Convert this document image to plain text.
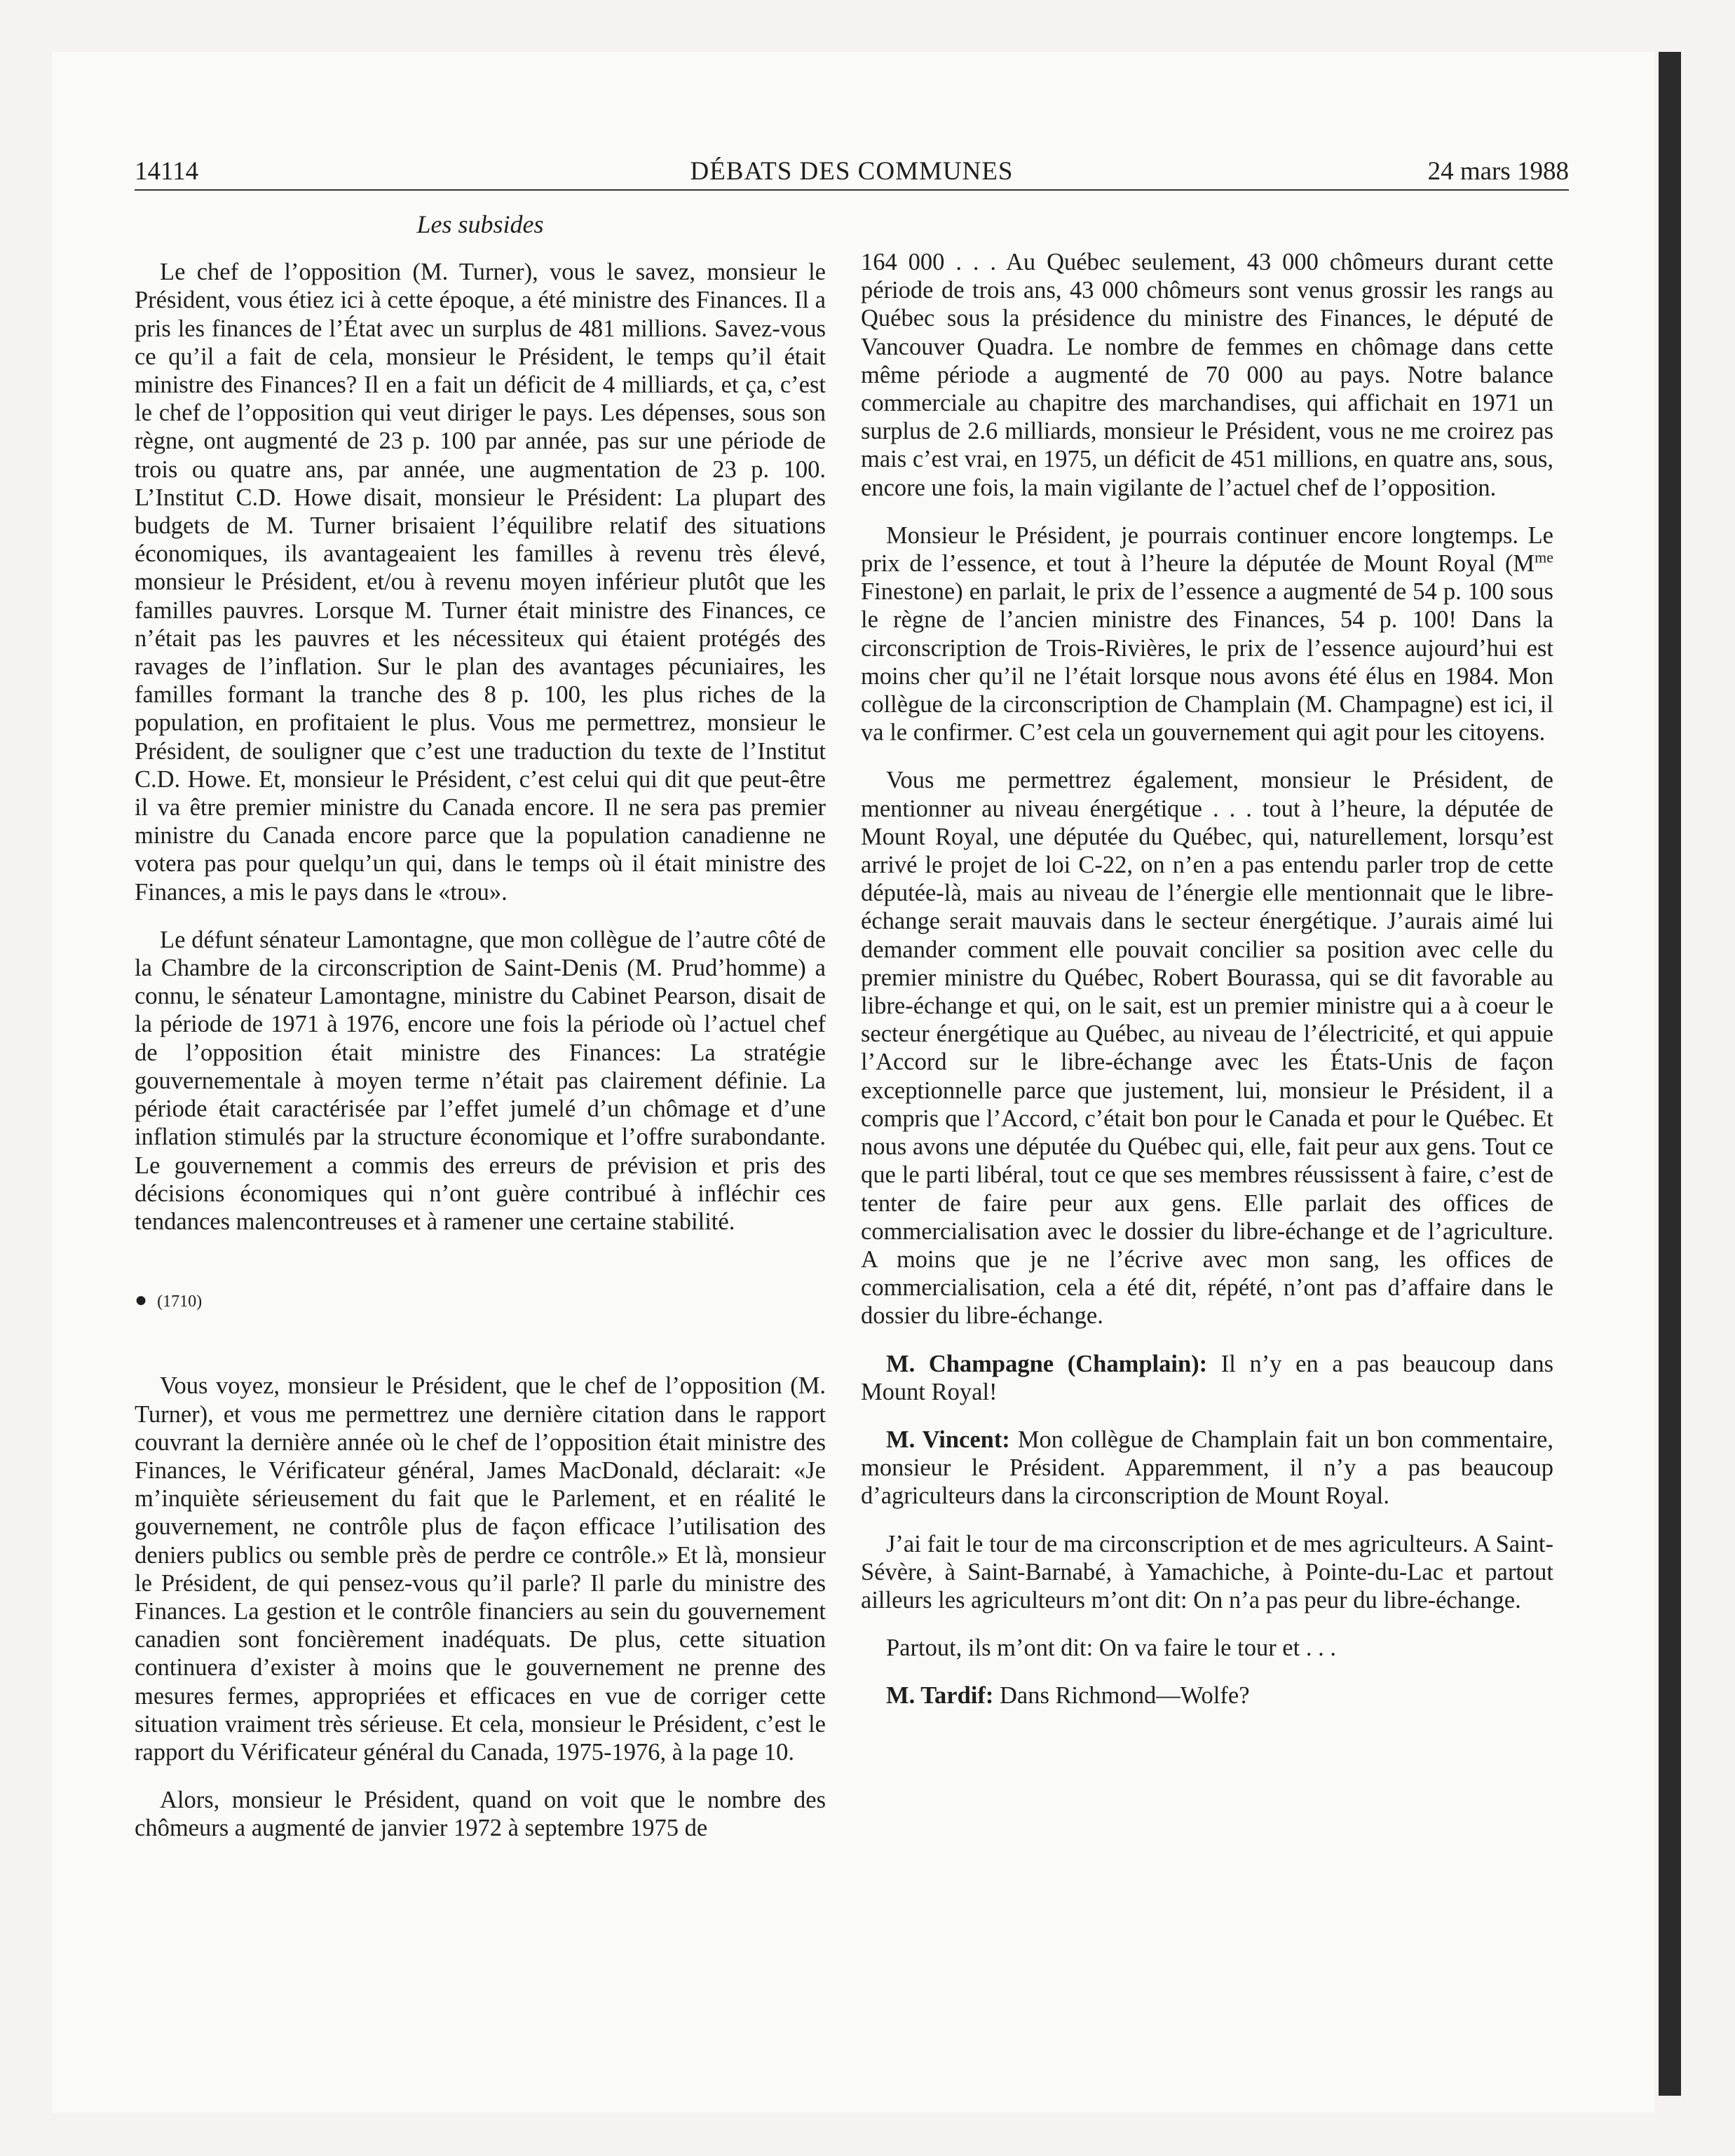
14114	DÉBATS DES COMMUNES	24 mars 1988

Les subsides

Le chef de l’opposition (M. Turner), vous le savez, monsieur le Président, vous étiez ici à cette époque, a été ministre des Finances. Il a pris les finances de l’État avec un surplus de 481 millions. Savez-vous ce qu’il a fait de cela, monsieur le Président, le temps qu’il était ministre des Finances? Il en a fait un déficit de 4 milliards, et ça, c’est le chef de l’opposition qui veut diriger le pays. Les dépenses, sous son règne, ont augmenté de 23 p. 100 par année, pas sur une période de trois ou quatre ans, par année, une augmentation de 23 p. 100. L’Institut C.D. Howe disait, monsieur le Président: La plupart des budgets de M. Turner brisaient l’équilibre relatif des situations économiques, ils avantageaient les familles à revenu très élevé, monsieur le Président, et/ou à revenu moyen inférieur plutôt que les familles pauvres. Lorsque M. Turner était ministre des Finances, ce n’était pas les pauvres et les nécessiteux qui étaient protégés des ravages de l’inflation. Sur le plan des avantages pécuniaires, les familles formant la tranche des 8 p. 100, les plus riches de la population, en profitaient le plus. Vous me permettrez, monsieur le Président, de souligner que c’est une traduction du texte de l’Institut C.D. Howe. Et, monsieur le Président, c’est celui qui dit que peut-être il va être premier ministre du Canada encore. Il ne sera pas premier ministre du Canada encore parce que la population canadienne ne votera pas pour quelqu’un qui, dans le temps où il était ministre des Finances, a mis le pays dans le «trou».

Le défunt sénateur Lamontagne, que mon collègue de l’autre côté de la Chambre de la circonscription de Saint-Denis (M. Prud’homme) a connu, le sénateur Lamontagne, ministre du Cabinet Pearson, disait de la période de 1971 à 1976, encore une fois la période où l’actuel chef de l’opposition était ministre des Finances: La stratégie gouvernementale à moyen terme n’était pas clairement définie. La période était caractérisée par l’effet jumelé d’un chômage et d’une inflation stimulés par la structure économique et l’offre surabondante. Le gouvernement a commis des erreurs de prévision et pris des décisions économiques qui n’ont guère contribué à infléchir ces tendances malencontreuses et à ramener une certaine stabilité.

● (1710)

Vous voyez, monsieur le Président, que le chef de l’opposition (M. Turner), et vous me permettrez une dernière citation dans le rapport couvrant la dernière année où le chef de l’opposition était ministre des Finances, le Vérificateur général, James MacDonald, déclarait: «Je m’inquiète sérieusement du fait que le Parlement, et en réalité le gouvernement, ne contrôle plus de façon efficace l’utilisation des deniers publics ou semble près de perdre ce contrôle.» Et là, monsieur le Président, de qui pensez-vous qu’il parle? Il parle du ministre des Finances. La gestion et le contrôle financiers au sein du gouvernement canadien sont foncièrement inadéquats. De plus, cette situation continuera d’exister à moins que le gouvernement ne prenne des mesures fermes, appropriées et efficaces en vue de corriger cette situation vraiment très sérieuse. Et cela, monsieur le Président, c’est le rapport du Vérificateur général du Canada, 1975-1976, à la page 10.

Alors, monsieur le Président, quand on voit que le nombre des chômeurs a augmenté de janvier 1972 à septembre 1975 de

164 000 . . . Au Québec seulement, 43 000 chômeurs durant cette période de trois ans, 43 000 chômeurs sont venus grossir les rangs au Québec sous la présidence du ministre des Finances, le député de Vancouver Quadra. Le nombre de femmes en chômage dans cette même période a augmenté de 70 000 au pays. Notre balance commerciale au chapitre des marchandises, qui affichait en 1971 un surplus de 2.6 milliards, monsieur le Président, vous ne me croirez pas mais c’est vrai, en 1975, un déficit de 451 millions, en quatre ans, sous, encore une fois, la main vigilante de l’actuel chef de l’opposition.

Monsieur le Président, je pourrais continuer encore longtemps. Le prix de l’essence, et tout à l’heure la députée de Mount Royal ($M^{me}$ Finestone) en parlait, le prix de l’essence a augmenté de 54 p. 100 sous le règne de l’ancien ministre des Finances, 54 p. 100! Dans la circonscription de Trois-Rivières, le prix de l’essence aujourd’hui est moins cher qu’il ne l’était lorsque nous avons été élus en 1984. Mon collègue de la circonscription de Champlain (M. Champagne) est ici, il va le confirmer. C’est cela un gouvernement qui agit pour les citoyens.

Vous me permettrez également, monsieur le Président, de mentionner au niveau énergétique . . . tout à l’heure, la députée de Mount Royal, une députée du Québec, qui, naturellement, lorsqu’est arrivé le projet de loi C-22, on n’en a pas entendu parler trop de cette députée-là, mais au niveau de l’énergie elle mentionnait que le libre-échange serait mauvais dans le secteur énergétique. J’aurais aimé lui demander comment elle pouvait concilier sa position avec celle du premier ministre du Québec, Robert Bourassa, qui se dit favorable au libre-échange et qui, on le sait, est un premier ministre qui a à coeur le secteur énergétique au Québec, au niveau de l’électricité, et qui appuie l’Accord sur le libre-échange avec les États-Unis de façon exceptionnelle parce que justement, lui, monsieur le Président, il a compris que l’Accord, c’était bon pour le Canada et pour le Québec. Et nous avons une députée du Québec qui, elle, fait peur aux gens. Tout ce que le parti libéral, tout ce que ses membres réussissent à faire, c’est de tenter de faire peur aux gens. Elle parlait des offices de commercialisation avec le dossier du libre-échange et de l’agriculture. A moins que je ne l’écrive avec mon sang, les offices de commercialisation, cela a été dit, répété, n’ont pas d’affaire dans le dossier du libre-échange.

M. Champagne (Champlain): Il n’y en a pas beaucoup dans Mount Royal!

M. Vincent: Mon collègue de Champlain fait un bon commentaire, monsieur le Président. Apparemment, il n’y a pas beaucoup d’agriculteurs dans la circonscription de Mount Royal.

J’ai fait le tour de ma circonscription et de mes agriculteurs. A Saint-Sévère, à Saint-Barnabé, à Yamachiche, à Pointe-du-Lac et partout ailleurs les agriculteurs m’ont dit: On n’a pas peur du libre-échange.

Partout, ils m’ont dit: On va faire le tour et . . .

M. Tardif: Dans Richmond—Wolfe?
